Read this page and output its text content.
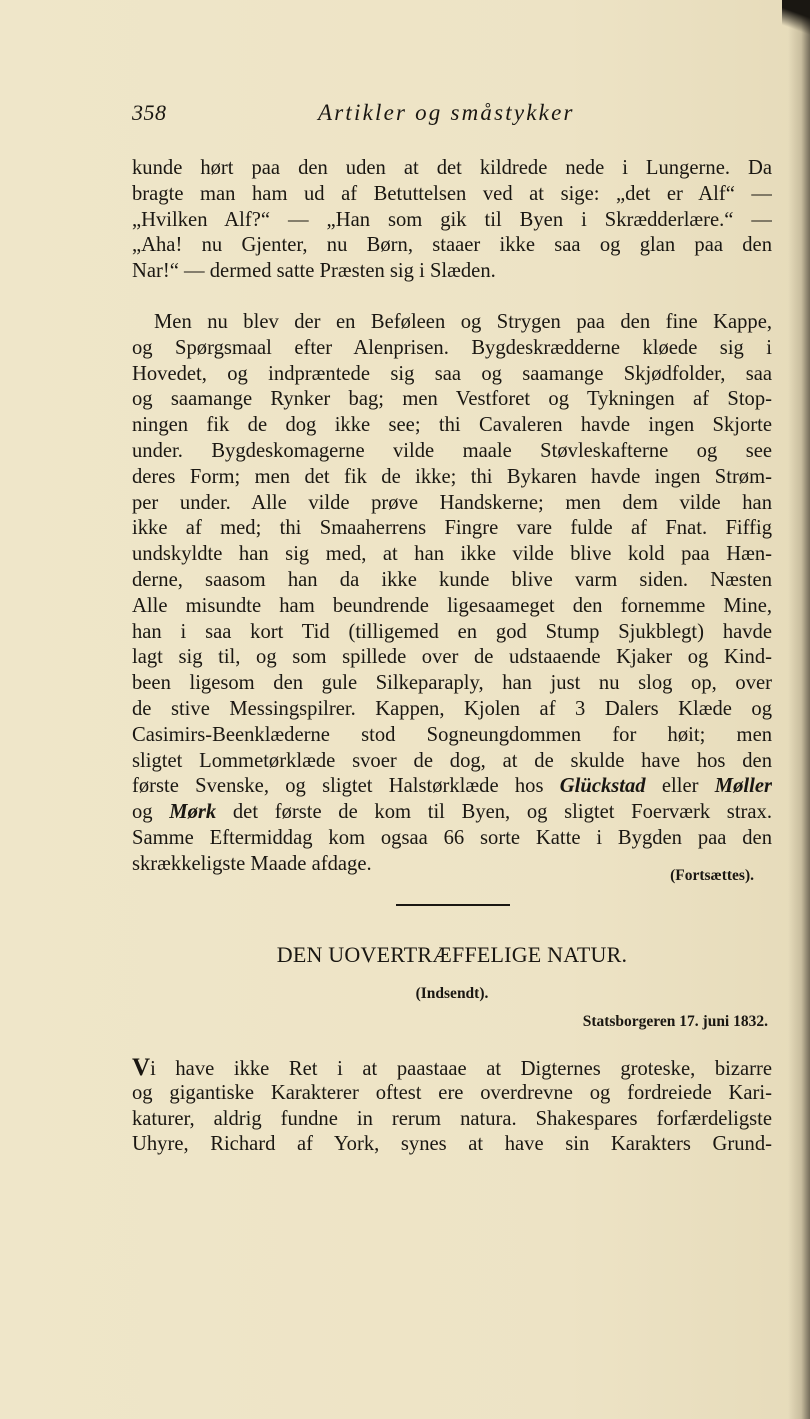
358	Artikler og småstykker
kunde hørt paa den uden at det kildrede nede i Lungerne. Da
bragte man ham ud af Betuttelsen ved at sige: „det er Alf“ —
„Hvilken Alf?“ — „Han som gik til Byen i Skrædderlære.“ —
„Aha! nu Gjenter, nu Børn, staaer ikke saa og glan paa den
Nar!“ — dermed satte Præsten sig i Slæden.
Men nu blev der en Beføleen og Strygen paa den fine Kappe,
og Spørgsmaal efter Alenprisen. Bygdeskrædderne kløede sig i
Hovedet, og indpræntede sig saa og saamange Skjødfolder, saa
og saamange Rynker bag; men Vestforet og Tykningen af Stop-
ningen fik de dog ikke see; thi Cavaleren havde ingen Skjorte
under. Bygdeskomagerne vilde maale Støvleskafterne og see
deres Form; men det fik de ikke; thi Bykaren havde ingen Strøm-
per under. Alle vilde prøve Handskerne; men dem vilde han
ikke af med; thi Smaaherrens Fingre vare fulde af Fnat. Fiffig
undskyldte han sig med, at han ikke vilde blive kold paa Hæn-
derne, saasom han da ikke kunde blive varm siden. Næsten
Alle misundte ham beundrende ligesaameget den fornemme Mine,
han i saa kort Tid (tilligemed en god Stump Sjukblegt) havde
lagt sig til, og som spillede over de udstaaende Kjaker og Kind-
been ligesom den gule Silkeparaply, han just nu slog op, over
de stive Messingspilrer. Kappen, Kjolen af 3 Dalers Klæde og
Casimirs-Beenklæderne stod Sogneungdommen for høit; men
sligtet Lommetørklæde svoer de dog, at de skulde have hos den
første Svenske, og sligtet Halstørklæde hos Glückstad eller Møller
og Mørk det første de kom til Byen, og sligtet Foerværk strax.
Samme Eftermiddag kom ogsaa 66 sorte Katte i Bygden paa den
skrækkeligste Maade afdage.
(Fortsættes).
DEN UOVERTRÆFFELIGE NATUR.
(Indsendt).
Statsborgeren 17. juni 1832.
Vi have ikke Ret i at paastaae at Digternes groteske, bizarre
og gigantiske Karakterer oftest ere overdrevne og fordreiede Kari-
katurer, aldrig fundne in rerum natura. Shakespares forfærdeligste
Uhyre, Richard af York, synes at have sin Karakters Grund-
